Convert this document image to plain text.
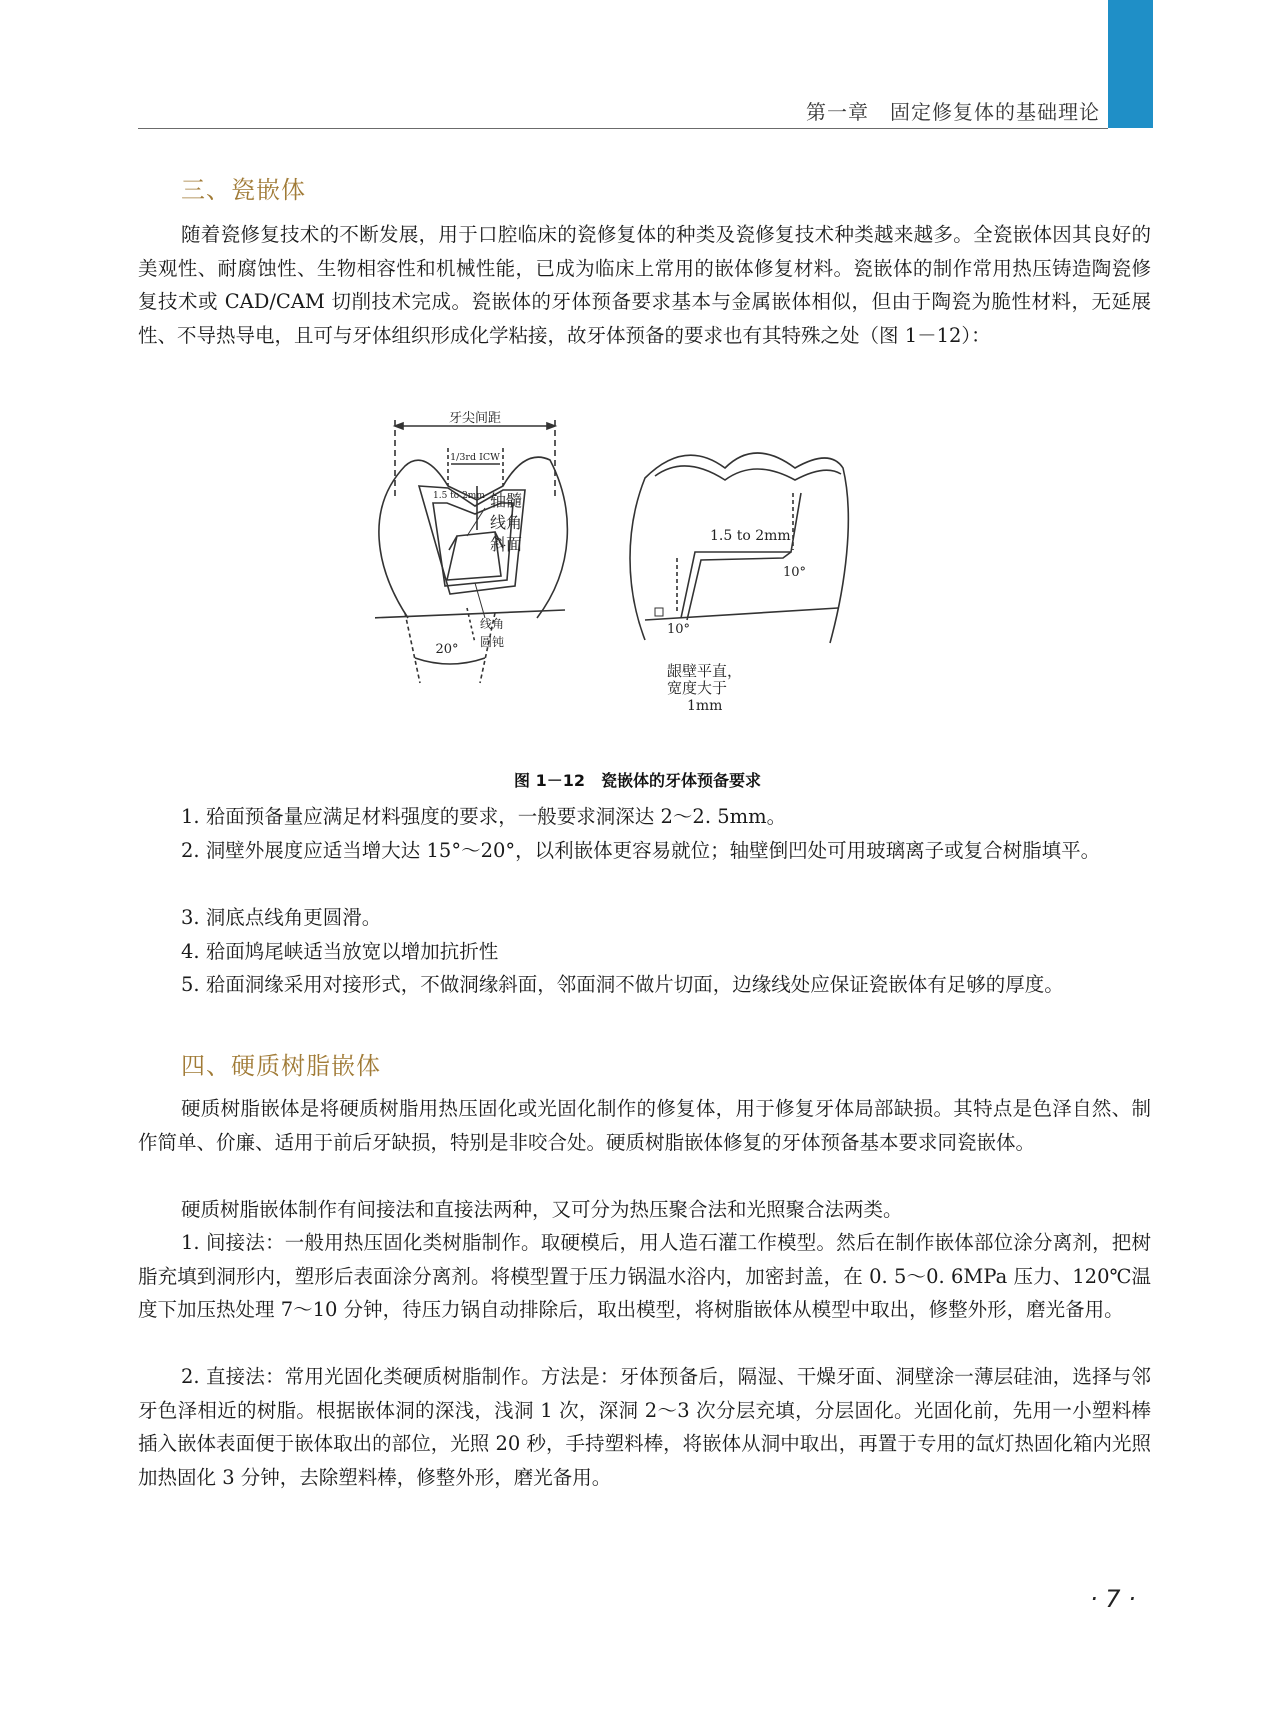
第一章　固定修复体的基础理论
三、瓷嵌体

随着瓷修复技术的不断发展，用于口腔临床的瓷修复体的种类及瓷修复技术种类越来越多。全瓷嵌体因其良好的美观性、耐腐蚀性、生物相容性和机械性能，已成为临床上常用的嵌体修复材料。瓷嵌体的制作常用热压铸造陶瓷修复技术或 CAD/CAM 切削技术完成。瓷嵌体的牙体预备要求基本与金属嵌体相似，但由于陶瓷为脆性材料，无延展性、不导热导电，且可与牙体组织形成化学粘接，故牙体预备的要求也有其特殊之处（图 1－12）：

牙尖间距
1/3rd ICW
1.5 to 2mm 轴髓
线角
斜面
20°
线角
圆钝
1.5 to 2mm
10°
10°
龈壁平直，
宽度大于
1mm
图 1－12　瓷嵌体的牙体预备要求

1. 𬌗面预备量应满足材料强度的要求，一般要求洞深达 2～2. 5mm。

2. 洞壁外展度应适当增大达 15°～20°，以利嵌体更容易就位；轴壁倒凹处可用玻璃离子或复合树脂填平。

3. 洞底点线角更圆滑。

4. 𬌗面鸠尾峡适当放宽以增加抗折性

5. 𬌗面洞缘采用对接形式，不做洞缘斜面，邻面洞不做片切面，边缘线处应保证瓷嵌体有足够的厚度。

四、硬质树脂嵌体

硬质树脂嵌体是将硬质树脂用热压固化或光固化制作的修复体，用于修复牙体局部缺损。其特点是色泽自然、制作简单、价廉、适用于前后牙缺损，特别是非咬合处。硬质树脂嵌体修复的牙体预备基本要求同瓷嵌体。

硬质树脂嵌体制作有间接法和直接法两种，又可分为热压聚合法和光照聚合法两类。

1. 间接法：一般用热压固化类树脂制作。取硬模后，用人造石灌工作模型。然后在制作嵌体部位涂分离剂，把树脂充填到洞形内，塑形后表面涂分离剂。将模型置于压力锅温水浴内，加密封盖，在 0. 5～0. 6MPa 压力、120℃温度下加压热处理 7～10 分钟，待压力锅自动排除后，取出模型，将树脂嵌体从模型中取出，修整外形，磨光备用。

2. 直接法：常用光固化类硬质树脂制作。方法是：牙体预备后，隔湿、干燥牙面、洞壁涂一薄层硅油，选择与邻牙色泽相近的树脂。根据嵌体洞的深浅，浅洞 1 次，深洞 2～3 次分层充填，分层固化。光固化前，先用一小塑料棒插入嵌体表面便于嵌体取出的部位，光照 20 秒，手持塑料棒，将嵌体从洞中取出，再置于专用的氙灯热固化箱内光照加热固化 3 分钟，去除塑料棒，修整外形，磨光备用。

· 7 ·
